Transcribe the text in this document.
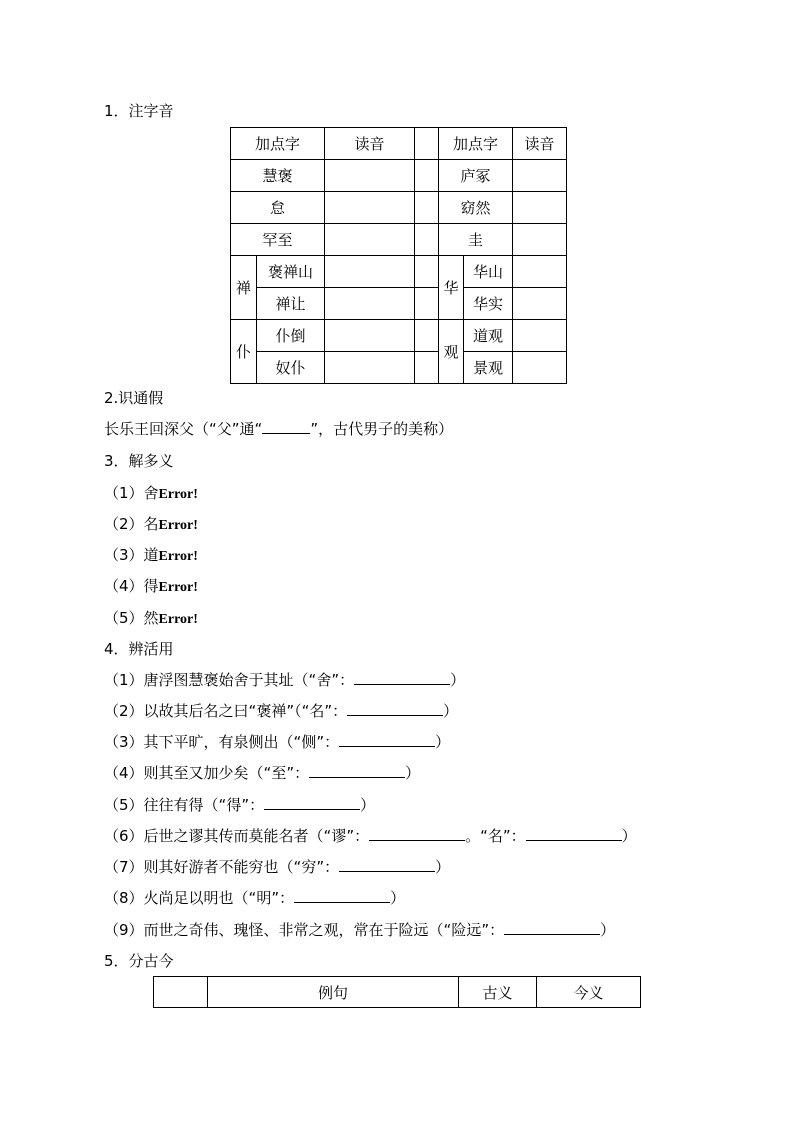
1．注字音
加点字		读音		加点字		读音
慧褒				庐冢		
怠				窈然		
罕至				圭		
禅	褒禅山			华	华山	
	禅让				华实	
仆	仆倒			观	道观	
	奴仆				景观	
2.识通假
长乐王回深父（“父”通“	”，古代男子的美称）
3．解多义
（1）舍Error!
（2）名Error!
（3）道Error!
（4）得Error!
（5）然Error!
4．辨活用
（1）唐浮图慧褒始舍于其址（“舍”：	）
（2）以故其后名之曰“褒禅”（“名”：	）
（3）其下平旷，有泉侧出（“侧”：	）
（4）则其至又加少矣（“至”：	）
（5）往往有得（“得”：	）
（6）后世之谬其传而莫能名者（“谬”：	。“名”：	）
（7）则其好游者不能穷也（“穷”：	）
（8）火尚足以明也（“明”：	）
（9）而世之奇伟、瑰怪、非常之观，常在于险远（“险远”：	）
5．分古今
	例句	古义	今义
